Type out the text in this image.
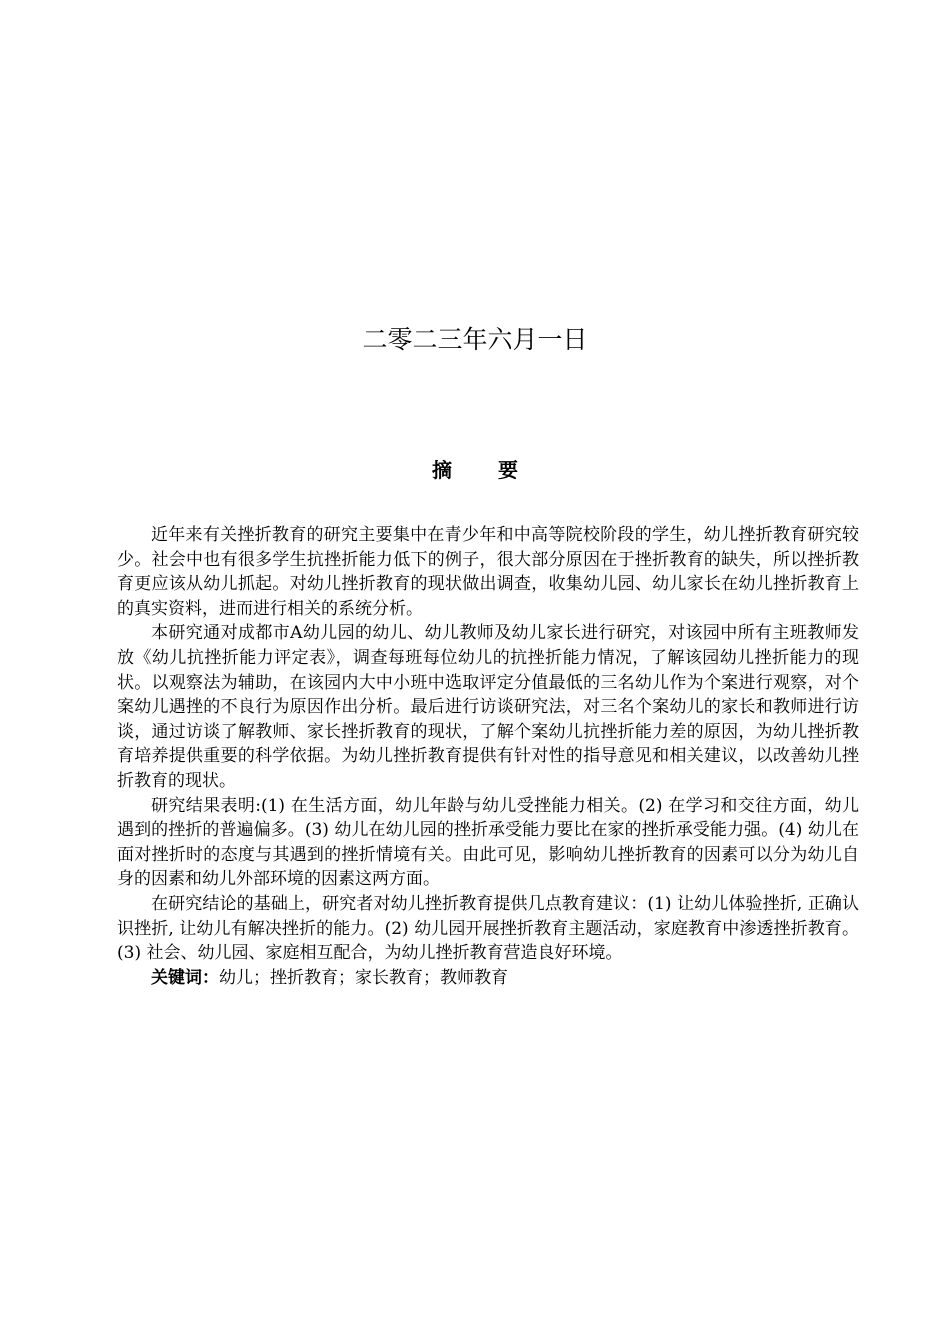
二零二三年六月一日
摘 要

近年来有关挫折教育的研究主要集中在青少年和中高等院校阶段的学生，幼儿挫折教育研究较少。社会中也有很多学生抗挫折能力低下的例子，很大部分原因在于挫折教育的缺失，所以挫折教育更应该从幼儿抓起。对幼儿挫折教育的现状做出调查，收集幼儿园、幼儿家长在幼儿挫折教育上的真实资料，进而进行相关的系统分析。

本研究通对成都市A幼儿园的幼儿、幼儿教师及幼儿家长进行研究，对该园中所有主班教师发放《幼儿抗挫折能力评定表》，调查每班每位幼儿的抗挫折能力情况，了解该园幼儿挫折能力的现状。以观察法为辅助，在该园内大中小班中选取评定分值最低的三名幼儿作为个案进行观察，对个案幼儿遇挫的不良行为原因作出分析。最后进行访谈研究法，对三名个案幼儿的家长和教师进行访谈，通过访谈了解教师、家长挫折教育的现状，了解个案幼儿抗挫折能力差的原因，为幼儿挫折教育培养提供重要的科学依据。为幼儿挫折教育提供有针对性的指导意见和相关建议，以改善幼儿挫折教育的现状。

研究结果表明:(1) 在生活方面，幼儿年龄与幼儿受挫能力相关。(2) 在学习和交往方面，幼儿遇到的挫折的普遍偏多。(3) 幼儿在幼儿园的挫折承受能力要比在家的挫折承受能力强。(4) 幼儿在面对挫折时的态度与其遇到的挫折情境有关。由此可见，影响幼儿挫折教育的因素可以分为幼儿自身的因素和幼儿外部环境的因素这两方面。

在研究结论的基础上，研究者对幼儿挫折教育提供几点教育建议：(1) 让幼儿体验挫折, 正确认识挫折, 让幼儿有解决挫折的能力。(2) 幼儿园开展挫折教育主题活动，家庭教育中渗透挫折教育。(3) 社会、幼儿园、家庭相互配合，为幼儿挫折教育营造良好环境。

关键词：幼儿；挫折教育；家长教育；教师教育
